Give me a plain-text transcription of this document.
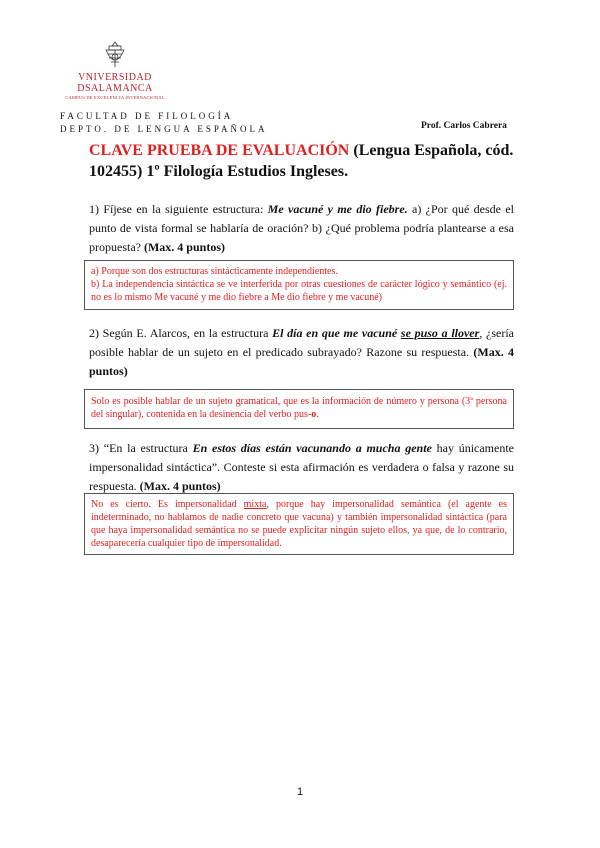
VNIVERSIDAD
DSALAMANCA
CAMPUS DE EXCELENCIA INTERNACIONAL
FACULTAD DE FILOLOGÍA
DEPTO. DE LENGUA ESPAÑOLA	Prof. Carlos Cabrera
CLAVE PRUEBA DE EVALUACIÓN (Lengua Española, cód. 102455) 1º Filología Estudios Ingleses.
1) Fíjese en la siguiente estructura: Me vacuné y me dio fiebre. a) ¿Por qué desde el punto de vista formal se hablaría de oración? b) ¿Qué problema podría plantearse a esa propuesta? (Max. 4 puntos)
a) Porque son dos estructuras sintácticamente independientes.
b) La independencia sintáctica se ve interferida por otras cuestiones de carácter lógico y semántico (ej. no es lo mismo Me vacuné y me dio fiebre a Me dio fiebre y me vacuné)
2) Según E. Alarcos, en la estructura El día en que me vacuné se puso a llover, ¿sería posible hablar de un sujeto en el predicado subrayado? Razone su respuesta. (Max. 4 puntos)
Solo es posible hablar de un sujeto gramatical, que es la información de número y persona (3ª persona del singular), contenida en la desinencia del verbo pus-o.
3) “En la estructura En estos días están vacunando a mucha gente hay únicamente impersonalidad sintáctica”. Conteste si esta afirmación es verdadera o falsa y razone su respuesta. (Max. 4 puntos)
No es cierto. Es impersonalidad mixta, porque hay impersonalidad semántica (el agente es indeterminado, no hablamos de nadie concreto que vacuna) y también impersonalidad sintáctica (para que haya impersonalidad semántica no se puede explicitar ningún sujeto ellos, ya que, de lo contrario, desaparecería cualquier tipo de impersonalidad.
1
